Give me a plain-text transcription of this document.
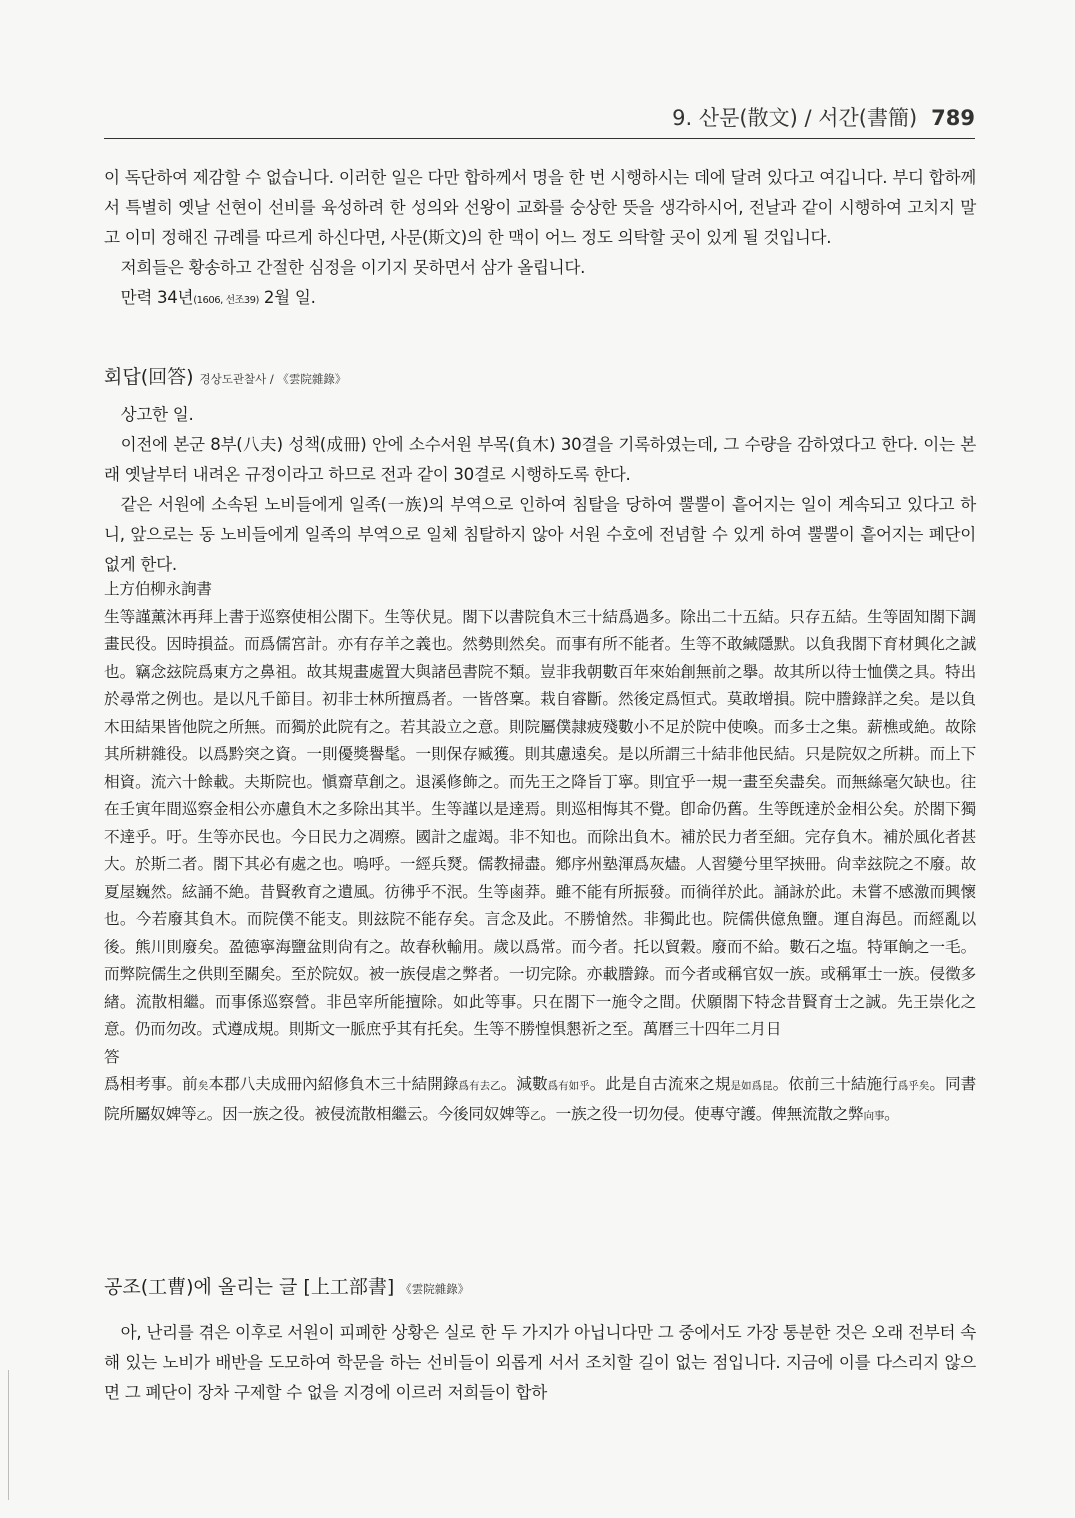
9. 산문(散文) / 서간(書簡) 789

이 독단하여 제감할 수 없습니다. 이러한 일은 다만 합하께서 명을 한 번 시행하시는 데에 달려 있다고 여깁니다. 부디 합하께서 특별히 옛날 선현이 선비를 육성하려 한 성의와 선왕이 교화를 숭상한 뜻을 생각하시어, 전날과 같이 시행하여 고치지 말고 이미 정해진 규례를 따르게 하신다면, 사문(斯文)의 한 맥이 어느 정도 의탁할 곳이 있게 될 것입니다.

저희들은 황송하고 간절한 심정을 이기지 못하면서 삼가 올립니다.

만력 34년(1606, 선조39) 2월 일.

회답(回答) 경상도관찰사 / 《雲院雜錄》

상고한 일.

이전에 본군 8부(八夫) 성책(成冊) 안에 소수서원 부목(負木) 30결을 기록하였는데, 그 수량을 감하였다고 한다. 이는 본래 옛날부터 내려온 규정이라고 하므로 전과 같이 30결로 시행하도록 한다.

같은 서원에 소속된 노비들에게 일족(一族)의 부역으로 인하여 침탈을 당하여 뿔뿔이 흩어지는 일이 계속되고 있다고 하니, 앞으로는 동 노비들에게 일족의 부역으로 일체 침탈하지 않아 서원 수호에 전념할 수 있게 하여 뿔뿔이 흩어지는 폐단이 없게 한다.

上方伯柳永詢書

生等謹薰沐再拜上書于巡察使相公閤下。生等伏見。閤下以書院負木三十結爲過多。除出二十五結。只存五結。生等固知閤下調畫民役。因時損益。而爲儒宮計。亦有存羊之義也。然勢則然矣。而事有所不能者。生等不敢緘隱默。以負我閤下育材興化之誠也。竊念玆院爲東方之鼻祖。故其規畫處置大與諸邑書院不類。豈非我朝數百年來始創無前之擧。故其所以待士恤僕之具。特出於尋常之例也。是以凡千節目。初非士林所擅爲者。一皆啓稟。栽自睿斷。然後定爲恒式。莫敢增損。院中謄錄詳之矣。是以負木田結果皆他院之所無。而獨於此院有之。若其設立之意。則院屬僕隷疲殘數小不足於院中使喚。而多士之集。薪樵或絶。故除其所耕雜役。以爲黔突之資。一則優獎譽髦。一則保存臧獲。則其慮遠矣。是以所謂三十結非他民結。只是院奴之所耕。而上下相資。流六十餘載。夫斯院也。愼齋草創之。退溪修飾之。而先王之降旨丁寧。則宜乎一規一畫至矣盡矣。而無絲毫欠缺也。往在壬寅年間巡察金相公亦慮負木之多除出其半。生等謹以是達焉。則巡相悔其不覺。卽命仍舊。生等旣達於金相公矣。於閤下獨不達乎。吁。生等亦民也。今日民力之凋瘵。國計之虛竭。非不知也。而除出負木。補於民力者至細。完存負木。補於風化者甚大。於斯二者。閤下其必有處之也。嗚呼。一經兵燹。儒教掃盡。鄕序州塾渾爲灰燼。人習變兮里罕挾冊。尙幸玆院之不廢。故夏屋巍然。絃誦不絶。昔賢敎育之遺風。彷彿乎不泯。生等鹵莽。雖不能有所振發。而徜徉於此。誦詠於此。未嘗不感激而興懷也。今若廢其負木。而院僕不能支。則玆院不能存矣。言念及此。不勝愴然。非獨此也。院儒供億魚鹽。運自海邑。而經亂以後。熊川則廢矣。盈德寧海鹽盆則尙有之。故春秋輸用。歲以爲常。而今者。托以貿穀。廢而不給。數石之塩。特軍餉之一毛。而弊院儒生之供則至關矣。至於院奴。被一族侵虐之弊者。一切完除。亦載謄錄。而今者或稱官奴一族。或稱軍士一族。侵徵多緖。流散相繼。而事係巡察營。非邑宰所能擅除。如此等事。只在閤下一施令之間。伏願閤下特念昔賢育士之誠。先王崇化之意。仍而勿改。式遵成規。則斯文一脈庶乎其有托矣。生等不勝惶惧懇祈之至。萬曆三十四年二月日

答

爲相考事。前矣本郡八夫成冊內紹修負木三十結開錄爲有去乙。減數爲有如乎。此是自古流來之規是如爲昆。依前三十結施行爲乎矣。同書院所屬奴婢等乙。因一族之役。被侵流散相繼云。今後同奴婢等乙。一族之役一切勿侵。使專守護。俾無流散之弊向事。

공조(工曹)에 올리는 글 [上工部書] 《雲院雜錄》

아, 난리를 겪은 이후로 서원이 피폐한 상황은 실로 한 두 가지가 아닙니다만 그 중에서도 가장 통분한 것은 오래 전부터 속해 있는 노비가 배반을 도모하여 학문을 하는 선비들이 외롭게 서서 조치할 길이 없는 점입니다. 지금에 이를 다스리지 않으면 그 폐단이 장차 구제할 수 없을 지경에 이르러 저희들이 합하
